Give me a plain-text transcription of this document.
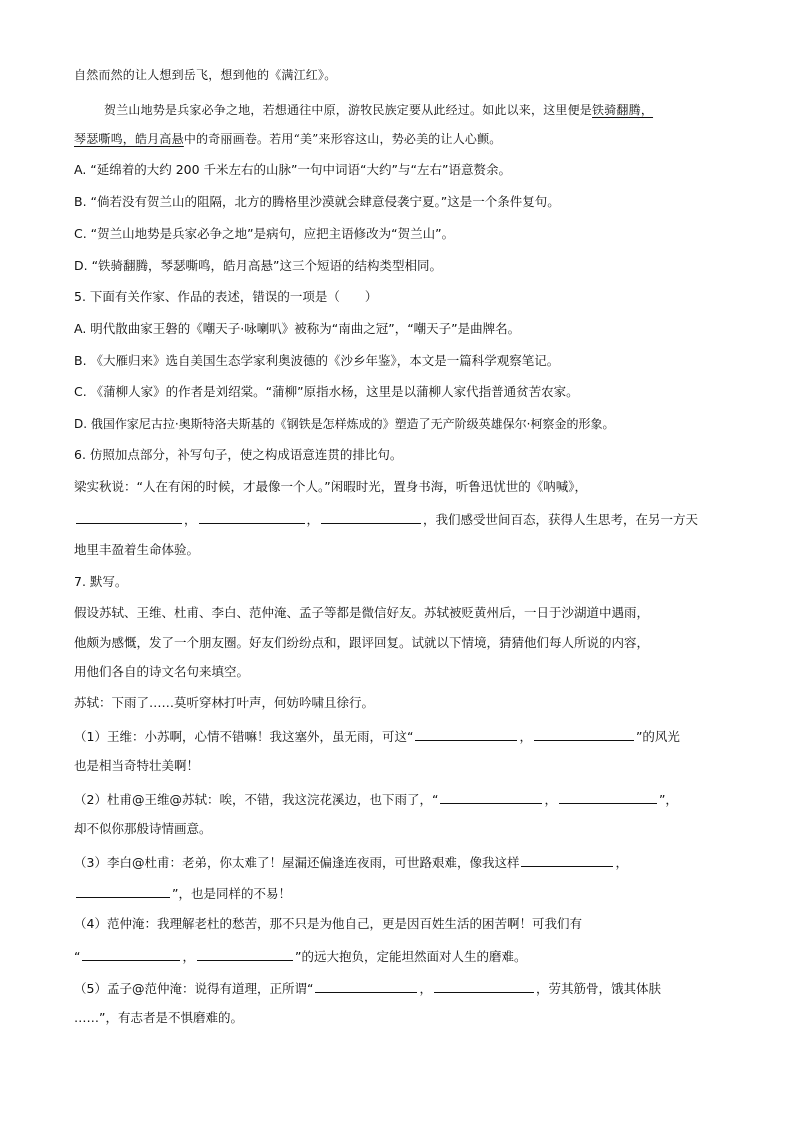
自然而然的让人想到岳飞，想到他的《满江红》。
贺兰山地势是兵家必争之地，若想通往中原，游牧民族定要从此经过。如此以来，这里便是铁骑翻腾，
琴瑟嘶鸣，皓月高悬中的奇丽画卷。若用“美”来形容这山，势必美的让人心颤。
A. “延绵着的大约 200 千米左右的山脉”一句中词语“大约”与“左右”语意赘余。
B. “倘若没有贺兰山的阻隔，北方的腾格里沙漠就会肆意侵袭宁夏。”这是一个条件复句。
C. “贺兰山地势是兵家必争之地”是病句，应把主语修改为“贺兰山”。
D. “铁骑翻腾，琴瑟嘶鸣，皓月高悬”这三个短语的结构类型相同。
5. 下面有关作家、作品的表述，错误的一项是（　　）
A. 明代散曲家王磐的《嘲天子·咏喇叭》被称为“南曲之冠”，“嘲天子”是曲牌名。
B. 《大雁归来》选自美国生态学家利奥波德的《沙乡年鉴》，本文是一篇科学观察笔记。
C. 《蒲柳人家》的作者是刘绍棠。“蒲柳”原指水杨，这里是以蒲柳人家代指普通贫苦农家。
D. 俄国作家尼古拉·奥斯特洛夫斯基的《钢铁是怎样炼成的》塑造了无产阶级英雄保尔·柯察金的形象。
6. 仿照加点部分，补写句子，使之构成语意连贯的排比句。
梁实秋说：“人在有闲的时候，才最像一个人。”闲暇时光，置身书海，听鲁迅忧世的《呐喊》，
，	，	，我们感受世间百态，获得人生思考，在另一方天
地里丰盈着生命体验。
7. 默写。
假设苏轼、王维、杜甫、李白、范仲淹、孟子等都是微信好友。苏轼被贬黄州后，一日于沙湖道中遇雨，
他颇为感慨，发了一个朋友圈。好友们纷纷点和，跟评回复。试就以下情境，猜猜他们每人所说的内容，
用他们各自的诗文名句来填空。
苏轼：下雨了……莫听穿林打叶声，何妨吟啸且徐行。
（1）王维：小苏啊，心情不错嘛！我这塞外，虽无雨，可这“	，	”的风光
也是相当奇特壮美啊！
（2）杜甫@王维@苏轼：唉，不错，我这浣花溪边，也下雨了，“	，	”，
却不似你那般诗情画意。
（3）李白@杜甫：老弟，你太难了！屋漏还偏逢连夜雨，可世路艰难，像我这样	，
”，也是同样的不易！
（4）范仲淹：我理解老杜的愁苦，那不只是为他自己，更是因百姓生活的困苦啊！可我们有
“	，	”的远大抱负，定能坦然面对人生的磨难。
（5）孟子@范仲淹：说得有道理，正所谓“	，	，劳其筋骨，饿其体肤
……”，有志者是不惧磨难的。
